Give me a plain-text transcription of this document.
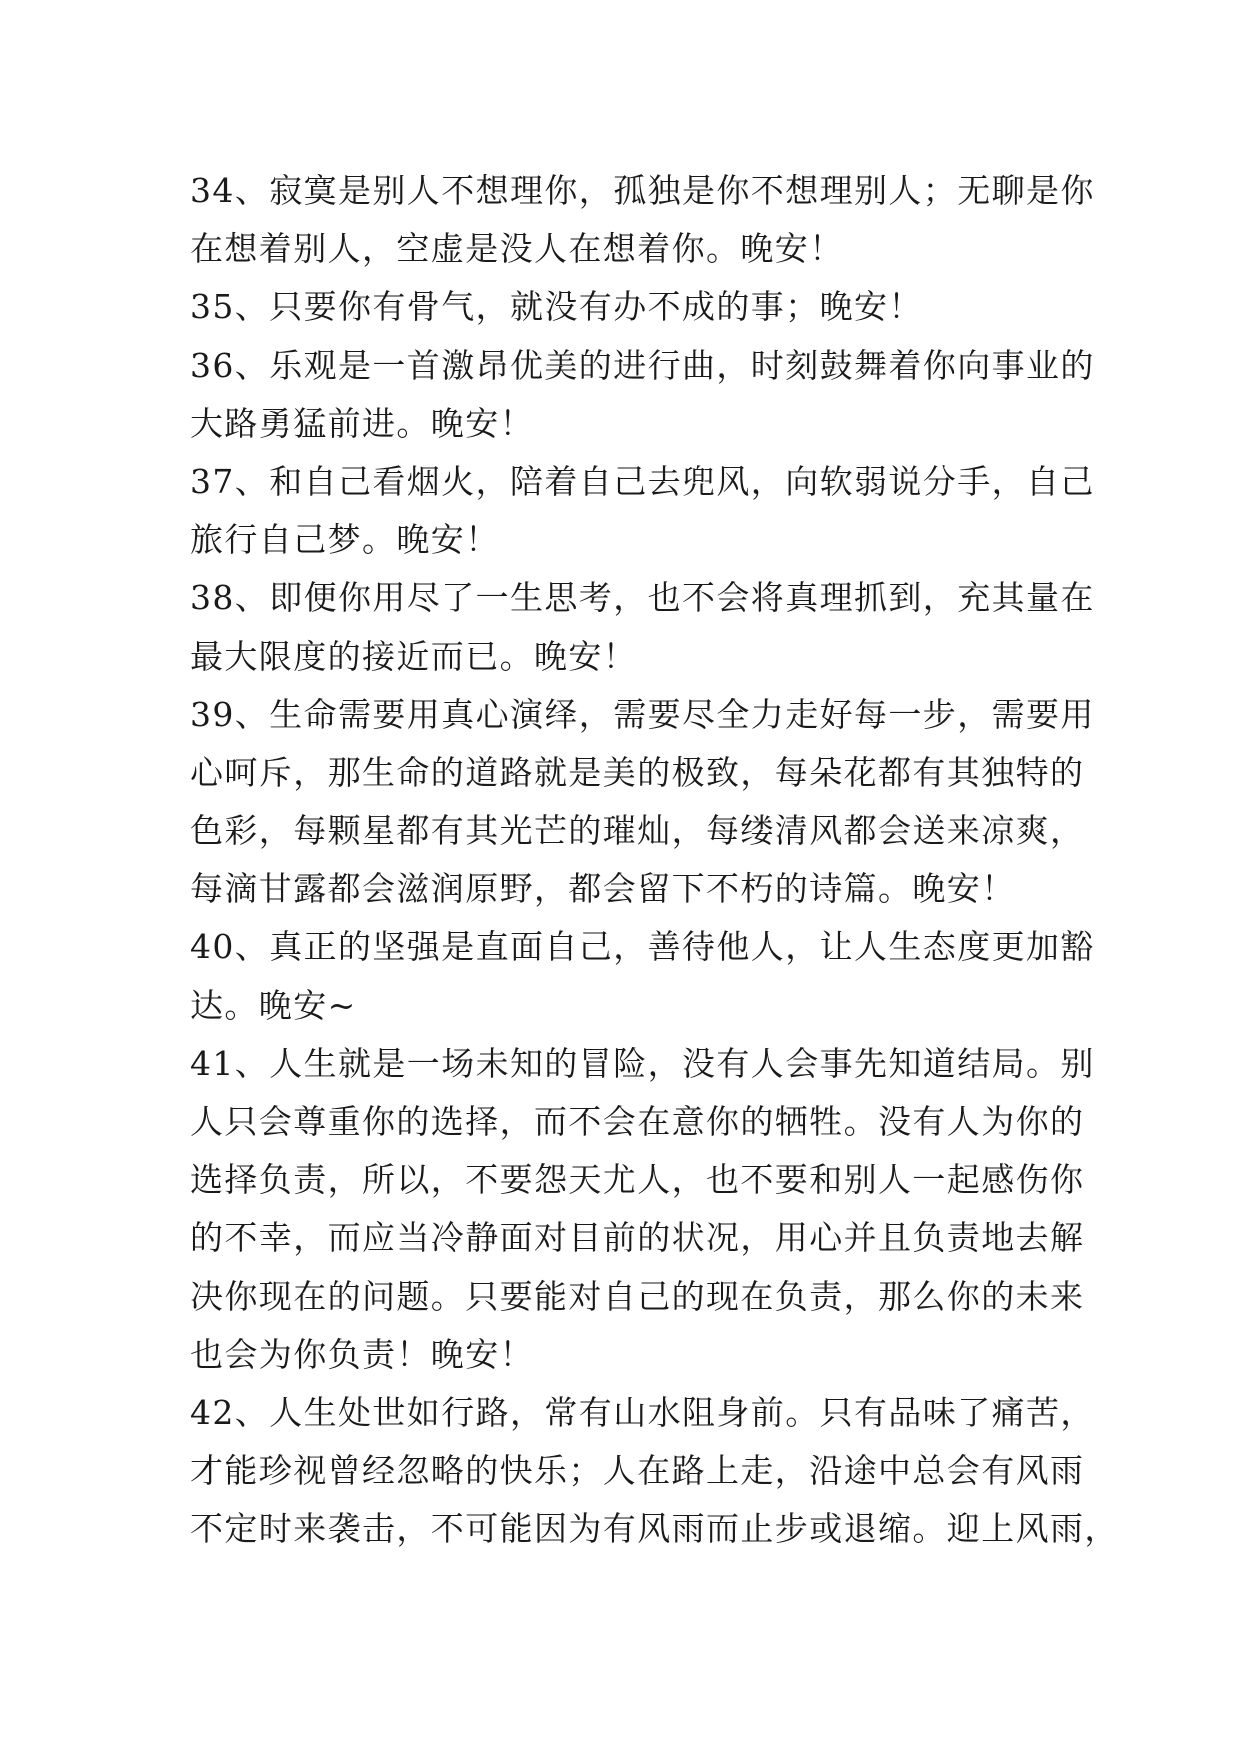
34、寂寞是别人不想理你，孤独是你不想理别人；无聊是你
在想着别人，空虚是没人在想着你。晚安！
35、只要你有骨气，就没有办不成的事；晚安！
36、乐观是一首激昂优美的进行曲，时刻鼓舞着你向事业的
大路勇猛前进。晚安！
37、和自己看烟火，陪着自己去兜风，向软弱说分手，自己
旅行自己梦。晚安！
38、即便你用尽了一生思考，也不会将真理抓到，充其量在
最大限度的接近而已。晚安！
39、生命需要用真心演绎，需要尽全力走好每一步，需要用
心呵斥，那生命的道路就是美的极致，每朵花都有其独特的
色彩，每颗星都有其光芒的璀灿，每缕清风都会送来凉爽，
每滴甘露都会滋润原野，都会留下不朽的诗篇。晚安！
40、真正的坚强是直面自己，善待他人，让人生态度更加豁
达。晚安~
41、人生就是一场未知的冒险，没有人会事先知道结局。别
人只会尊重你的选择，而不会在意你的牺牲。没有人为你的
选择负责，所以，不要怨天尤人，也不要和别人一起感伤你
的不幸，而应当冷静面对目前的状况，用心并且负责地去解
决你现在的问题。只要能对自己的现在负责，那么你的未来
也会为你负责！晚安！
42、人生处世如行路，常有山水阻身前。只有品味了痛苦，
才能珍视曾经忽略的快乐；人在路上走，沿途中总会有风雨
不定时来袭击，不可能因为有风雨而止步或退缩。迎上风雨，
